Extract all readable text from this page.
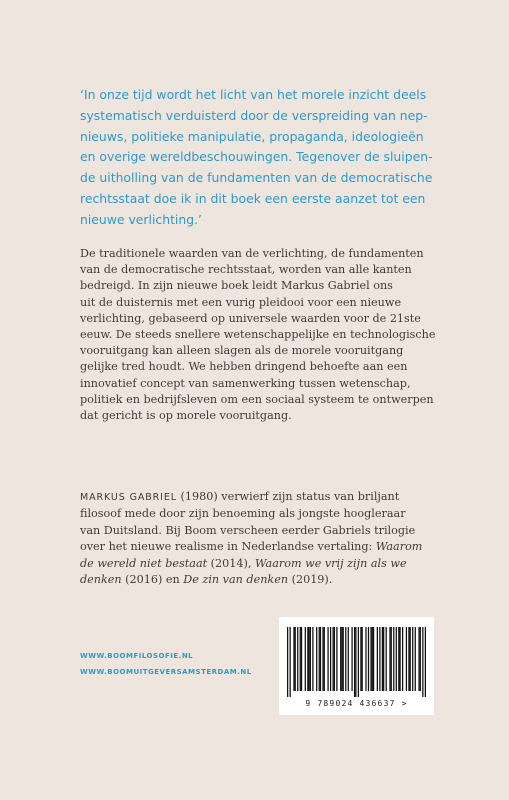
‘In onze tijd wordt het licht van het morele inzicht deels
systematisch verduisterd door de verspreiding van nep-
nieuws, politieke manipulatie, propaganda, ideologieën
en overige wereldbeschouwingen. Tegenover de sluipen-
de uitholling van de fundamenten van de democratische
rechtsstaat doe ik in dit boek een eerste aanzet tot een
nieuwe verlichting.’
De traditionele waarden van de verlichting, de fundamenten
van de democratische rechtsstaat, worden van alle kanten
bedreigd. In zijn nieuwe boek leidt Markus Gabriel ons
uit de duisternis met een vurig pleidooi voor een nieuwe
verlichting, gebaseerd op universele waarden voor de 21ste
eeuw. De steeds snellere wetenschappelijke en technologische
vooruitgang kan alleen slagen als de morele vooruitgang
gelijke tred houdt. We hebben dringend behoefte aan een
innovatief concept van samenwerking tussen wetenschap,
politiek en bedrijfsleven om een sociaal systeem te ontwerpen
dat gericht is op morele vooruitgang.
MARKUS GABRIEL (1980) verwierf zijn status van briljant
filosoof mede door zijn benoeming als jongste hoogleraar
van Duitsland. Bij Boom verscheen eerder Gabriels trilogie
over het nieuwe realisme in Nederlandse vertaling: Waarom
de wereld niet bestaat (2014), Waarom we vrij zijn als we
denken (2016) en De zin van denken (2019).
WWW.BOOMFILOSOFIE.NL
WWW.BOOMUITGEVERSAMSTERDAM.NL
9 789024 436637 >
